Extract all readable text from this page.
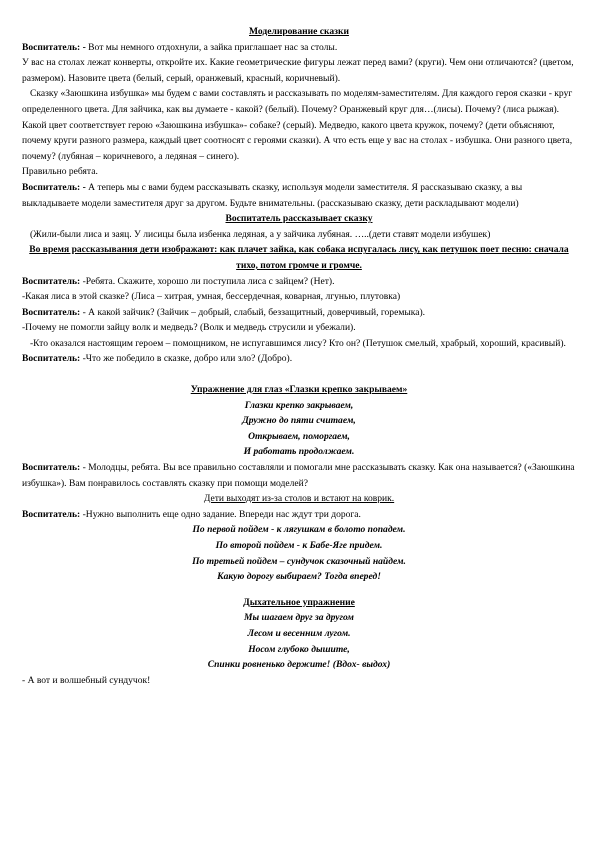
Моделирование сказки

Воспитатель: - Вот мы немного отдохнули, а зайка приглашает нас за столы.

У вас на столах лежат конверты, откройте их. Какие геометрические фигуры лежат перед вами? (круги). Чем они отличаются? (цветом, размером). Назовите цвета (белый, серый, оранжевый, красный, коричневый).

Сказку «Заюшкина избушка» мы будем с вами составлять и рассказывать по моделям-заместителям. Для каждого героя сказки - круг определенного цвета. Для зайчика, как вы думаете - какой? (белый). Почему? Оранжевый круг для…(лисы). Почему? (лиса рыжая). Какой цвет соответствует герою «Заюшкина избушка»- собаке? (серый). Медведю, какого цвета кружок, почему? (дети объясняют, почему круги разного размера, каждый цвет соотносят с героями сказки). А что есть еще у вас на столах - избушка. Они разного цвета, почему? (лубяная – коричневого, а ледяная – синего).

Правильно ребята.

Воспитатель: - А теперь мы с вами будем рассказывать сказку, используя модели заместителя. Я рассказываю сказку, а вы выкладываете модели заместителя друг за другом. Будьте внимательны. (рассказываю сказку, дети раскладывают модели)

Воспитатель рассказывает сказку

(Жили-были лиса и заяц. У лисицы была избенка ледяная, а у зайчика лубяная. …..(дети ставят модели избушек)

Во время рассказывания дети изображают: как плачет зайка, как собака испугалась лису, как петушок поет песню: сначала тихо, потом громче и громче.

Воспитатель: -Ребята. Скажите, хорошо ли поступила лиса с зайцем? (Нет).

-Какая лиса в этой сказке? (Лиса – хитрая, умная, бессердечная, коварная, лгунью, плутовка)

Воспитатель: - А какой зайчик? (Зайчик – добрый, слабый, беззащитный, доверчивый, горемыка).

-Почему не помогли зайцу волк и медведь? (Волк и медведь струсили и убежали).

-Кто оказался настоящим героем – помощником, не испугавшимся лису? Кто он? (Петушок смелый, храбрый, хороший, красивый).

Воспитатель: -Что же победило в сказке, добро или зло? (Добро).

Упражнение для глаз «Глазки крепко закрываем»
Глазки крепко закрываем,
Дружно до пяти считаем,
Открываем, поморгаем,
И работать продолжаем.

Воспитатель: - Молодцы, ребята. Вы все правильно составляли и помогали мне рассказывать сказку. Как она называется? («Заюшкина избушка»). Вам понравилось составлять сказку при помощи моделей?

Дети выходят из-за столов и встают на коврик.

Воспитатель: -Нужно выполнить еще одно задание. Впереди нас ждут три дорога.

По первой пойдем - к лягушкам в болото попадем.
По второй пойдем - к Бабе-Яге придем.
По третьей пойдем – сундучок сказочный найдем.
Какую дорогу выбираем? Тогда вперед!
Дыхательное упражнение
Мы шагаем друг за другом
Лесом и весенним лугом.
Носом глубоко дышите,
Спинки ровненько держите! (Вдох- выдох)

- А вот и волшебный сундучок!
